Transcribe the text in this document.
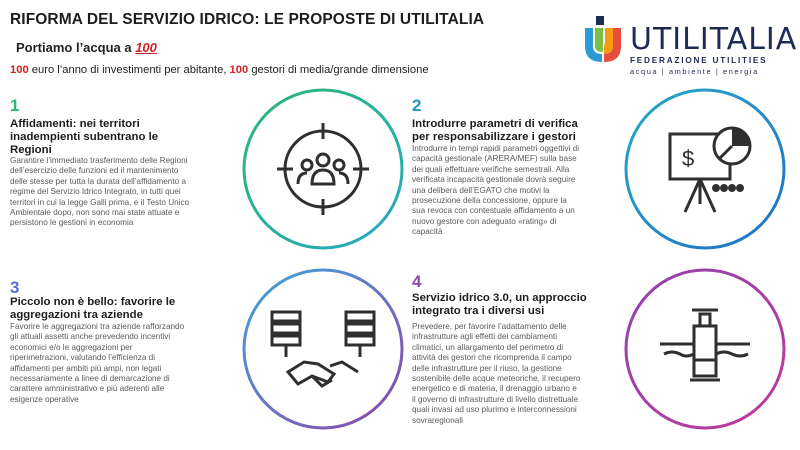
RIFORMA DEL SERVIZIO IDRICO: LE PROPOSTE DI UTILITALIA
Portiamo l’acqua a 100
100 euro l’anno di investimenti per abitante, 100 gestori di media/grande dimensione
UTILITALIA
FEDERAZIONE UTILITIES
acqua | ambiente | energia
1
Affidamenti: nei territori inadempienti subentrano le Regioni
Garantire l’immediato trasferimento delle Regioni dell’esercizio delle funzioni ed il mantenimento delle stesse per tutta la durata dell’affidamento a regime del Servizio Idrico Integrato, in tutti quei territori in cui la legge Galli prima, e il Testo Unico Ambientale dopo, non sono mai state attuate e persistono le gestioni in economia
2
Introdurre parametri di verifica per responsabilizzare i gestori
Introdurre in tempi rapidi parametri oggettivi di capacità gestionale (ARERA/MEF) sulla base dei quali effettuare verifiche semestrali. Alla verificata incapacità gestionale dovrà seguire una delibera dell’EGATO che motivi la prosecuzione della concessione, oppure la sua revoca con contestuale affidamento a un nuovo gestore con adeguato «rating» di capacità
$
3
Piccolo non è bello: favorire le aggregazioni tra aziende
Favorire le aggregazioni tra aziende rafforzando gli attuali assetti anche prevedendo incentivi economici e/o le aggregazioni per riperimetrazioni, valutando l’efficienza di affidamenti per ambiti più ampi, non legati necessariamente a linee di demarcazione di carattere amministrativo e più aderenti alle esigenze operative
4
Servizio idrico 3.0, un approccio integrato tra i diversi usi
Prevedere, per favorire l’adattamento delle infrastrutture agli effetti dei cambiamenti climatici, un allargamento del perimetro di attività dei gestori che ricomprenda il campo delle infrastrutture per il riuso, la gestione sostenibile delle acque meteoriche, il recupero energetico e di materia, il drenaggio urbano e il governo di infrastrutture di livello distrettuale quali invasi ad uso plurimo e interconnessioni sovraregionali
